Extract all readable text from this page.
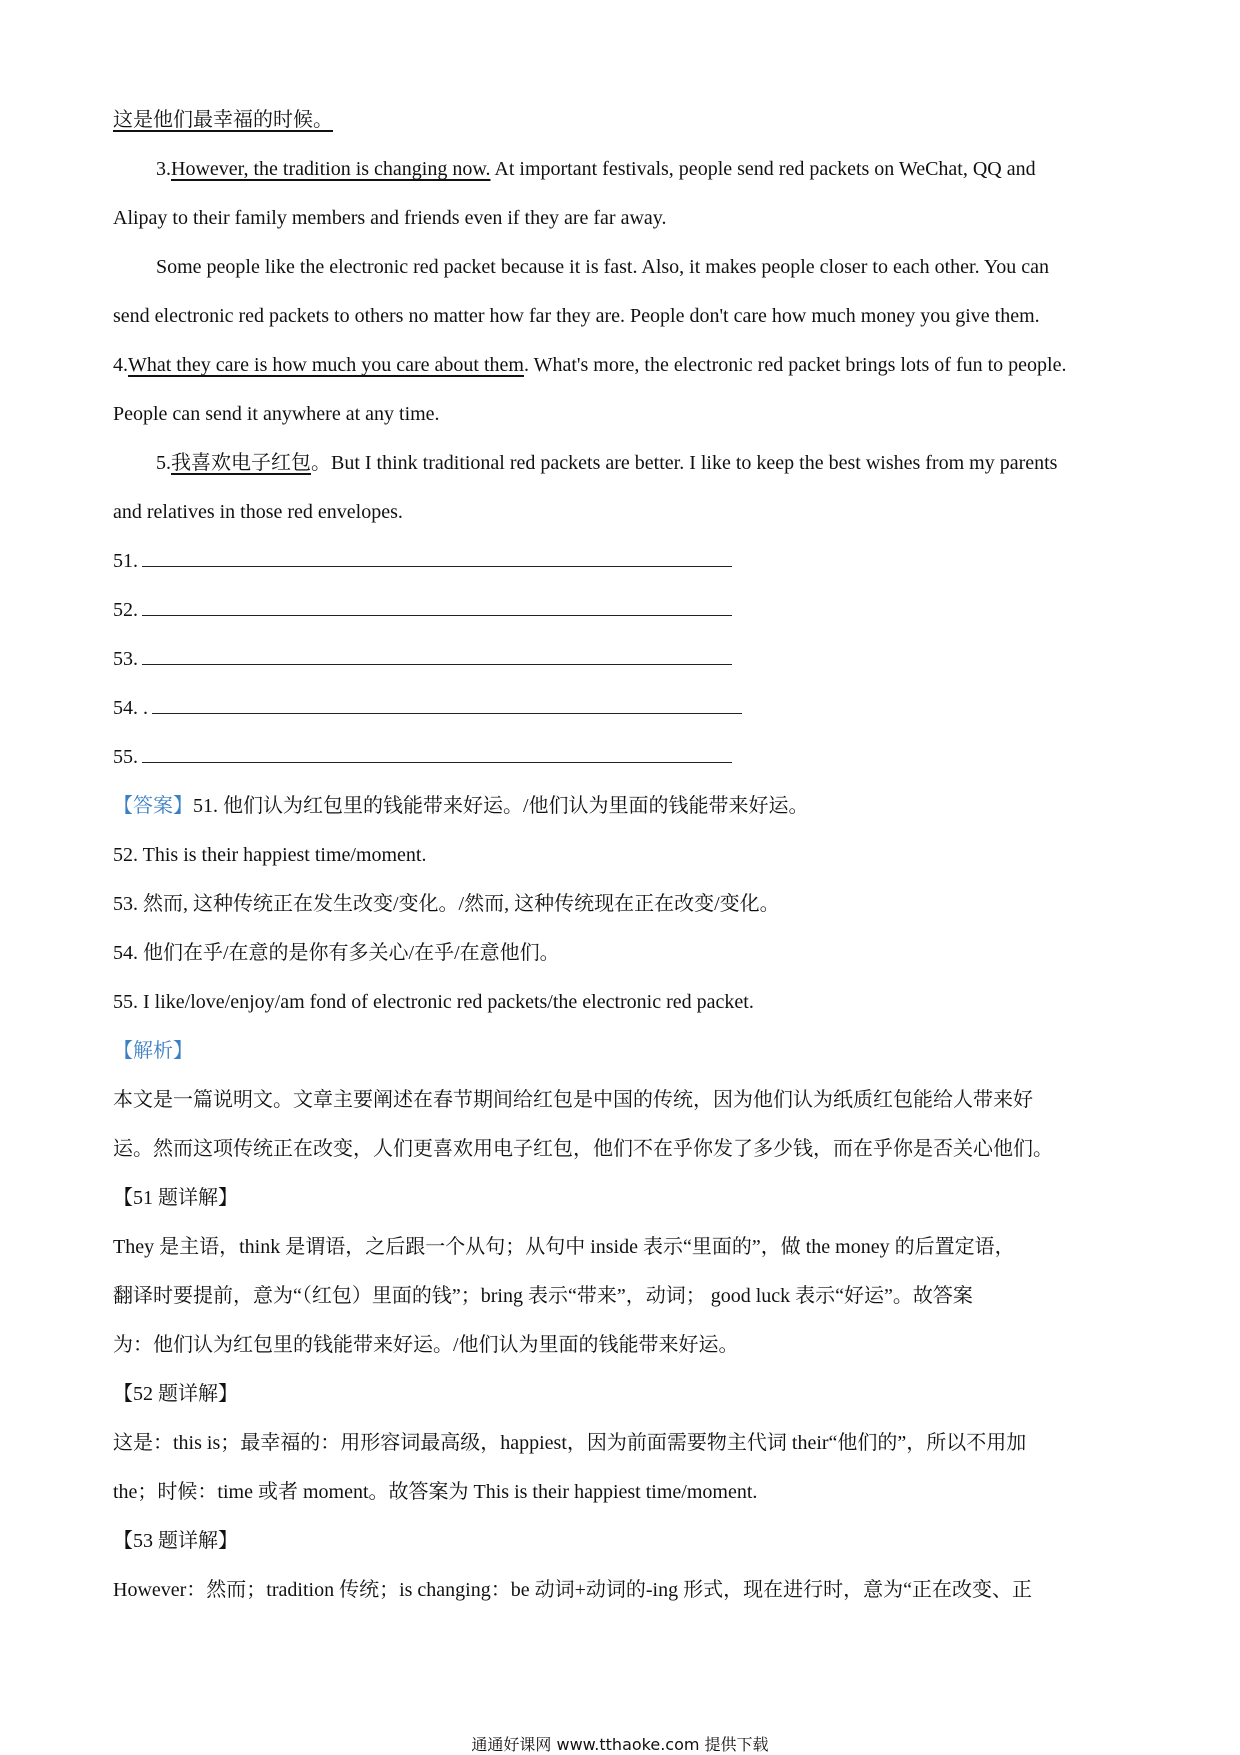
这是他们最幸福的时候。

3.However, the tradition is changing now. At important festivals, people send red packets on WeChat, QQ and

Alipay to their family members and friends even if they are far away.

Some people like the electronic red packet because it is fast. Also, it makes people closer to each other. You can

send electronic red packets to others no matter how far they are. People don't care how much money you give them.

4.What they care is how much you care about them. What's more, the electronic red packet brings lots of fun to people.

People can send it anywhere at any time.

5.我喜欢电子红包。But I think traditional red packets are better. I like to keep the best wishes from my parents

and relatives in those red envelopes.

51.

52.

53.

54. .

55.

【答案】51. 他们认为红包里的钱能带来好运。/他们认为里面的钱能带来好运。

52. This is their happiest time/moment.

53. 然而, 这种传统正在发生改变/变化。/然而, 这种传统现在正在改变/变化。

54. 他们在乎/在意的是你有多关心/在乎/在意他们。

55. I like/love/enjoy/am fond of electronic red packets/the electronic red packet.

【解析】

本文是一篇说明文。文章主要阐述在春节期间给红包是中国的传统，因为他们认为纸质红包能给人带来好

运。然而这项传统正在改变，人们更喜欢用电子红包，他们不在乎你发了多少钱，而在乎你是否关心他们。

【51 题详解】

They 是主语，think 是谓语，之后跟一个从句；从句中 inside 表示“里面的”，做 the money 的后置定语，

翻译时要提前，意为“（红包）里面的钱”；bring 表示“带来”，动词； good luck 表示“好运”。故答案

为：他们认为红包里的钱能带来好运。/他们认为里面的钱能带来好运。

【52 题详解】

这是：this is；最幸福的：用形容词最高级，happiest，因为前面需要物主代词 their“他们的”，所以不用加

the；时候：time 或者 moment。故答案为 This is their happiest time/moment.

【53 题详解】

However：然而；tradition 传统；is changing：be 动词+动词的-ing 形式，现在进行时，意为“正在改变、正

通通好课网 www.tthaoke.com 提供下载
